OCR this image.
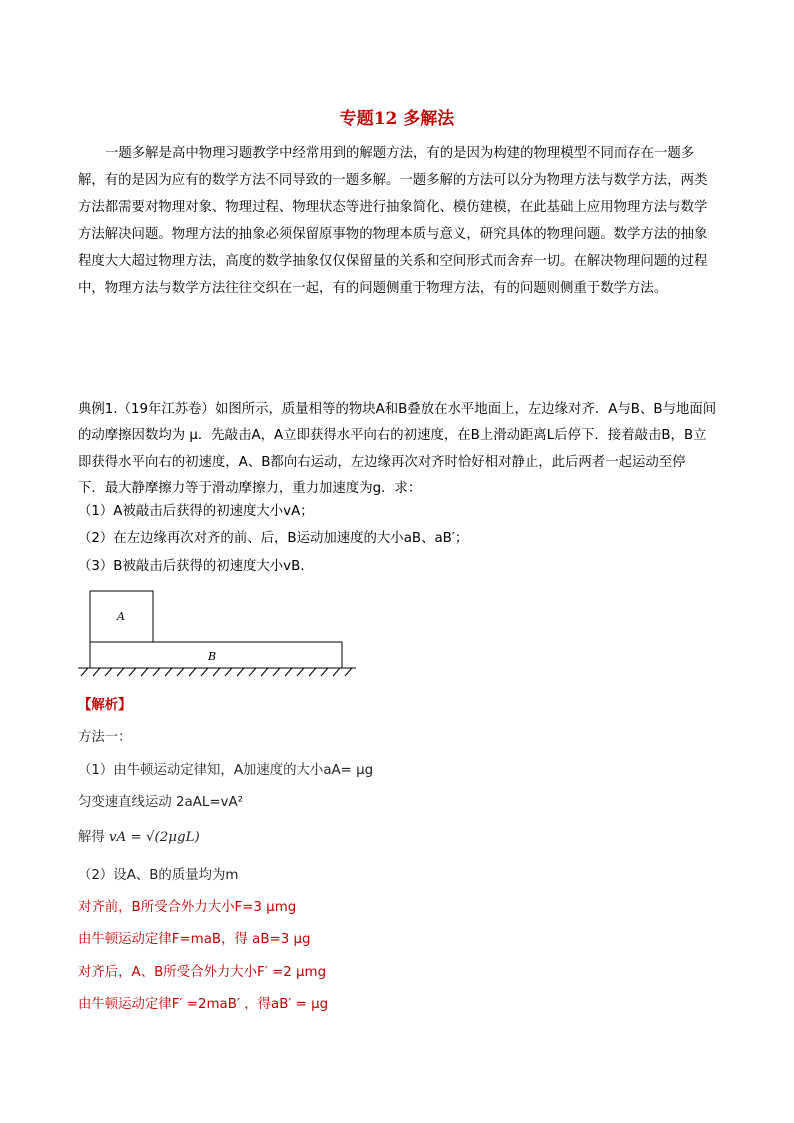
专题12 多解法
一题多解是高中物理习题教学中经常用到的解题方法，有的是因为构建的物理模型不同而存在一题多解，有的是因为应有的数学方法不同导致的一题多解。一题多解的方法可以分为物理方法与数学方法，两类方法都需要对物理对象、物理过程、物理状态等进行抽象简化、模仿建模，在此基础上应用物理方法与数学方法解决问题。物理方法的抽象必须保留原事物的物理本质与意义，研究具体的物理问题。数学方法的抽象程度大大超过物理方法，高度的数学抽象仅仅保留量的关系和空间形式而舍弃一切。在解决物理问题的过程中，物理方法与数学方法往往交织在一起，有的问题侧重于物理方法，有的问题则侧重于数学方法。
典例1.（19年江苏卷）如图所示，质量相等的物块A和B叠放在水平地面上，左边缘对齐．A与B、B与地面间
的动摩擦因数均为 μ．先敲击A，A立即获得水平向右的初速度，在B上滑动距离L后停下．接着敲击B，B立
即获得水平向右的初速度，A、B都向右运动，左边缘再次对齐时恰好相对静止，此后两者一起运动至停
下．最大静摩擦力等于滑动摩擦力，重力加速度为g．求：
（1）A被敲击后获得的初速度大小vA；
（2）在左边缘再次对齐的前、后，B运动加速度的大小aB、aB′；
（3）B被敲击后获得的初速度大小vB.
A
B
【解析】
方法一：
（1）由牛顿运动定律知，A加速度的大小aA= μg
匀变速直线运动 2aAL=vA²
解得 vA = √(2μgL)
（2）设A、B的质量均为m
对齐前，B所受合外力大小F=3 μmg
由牛顿运动定律F=maB，得 aB=3 μg
对齐后，A、B所受合外力大小F′ =2 μmg
由牛顿运动定律F′ =2maB′ ，得aB′ = μg
